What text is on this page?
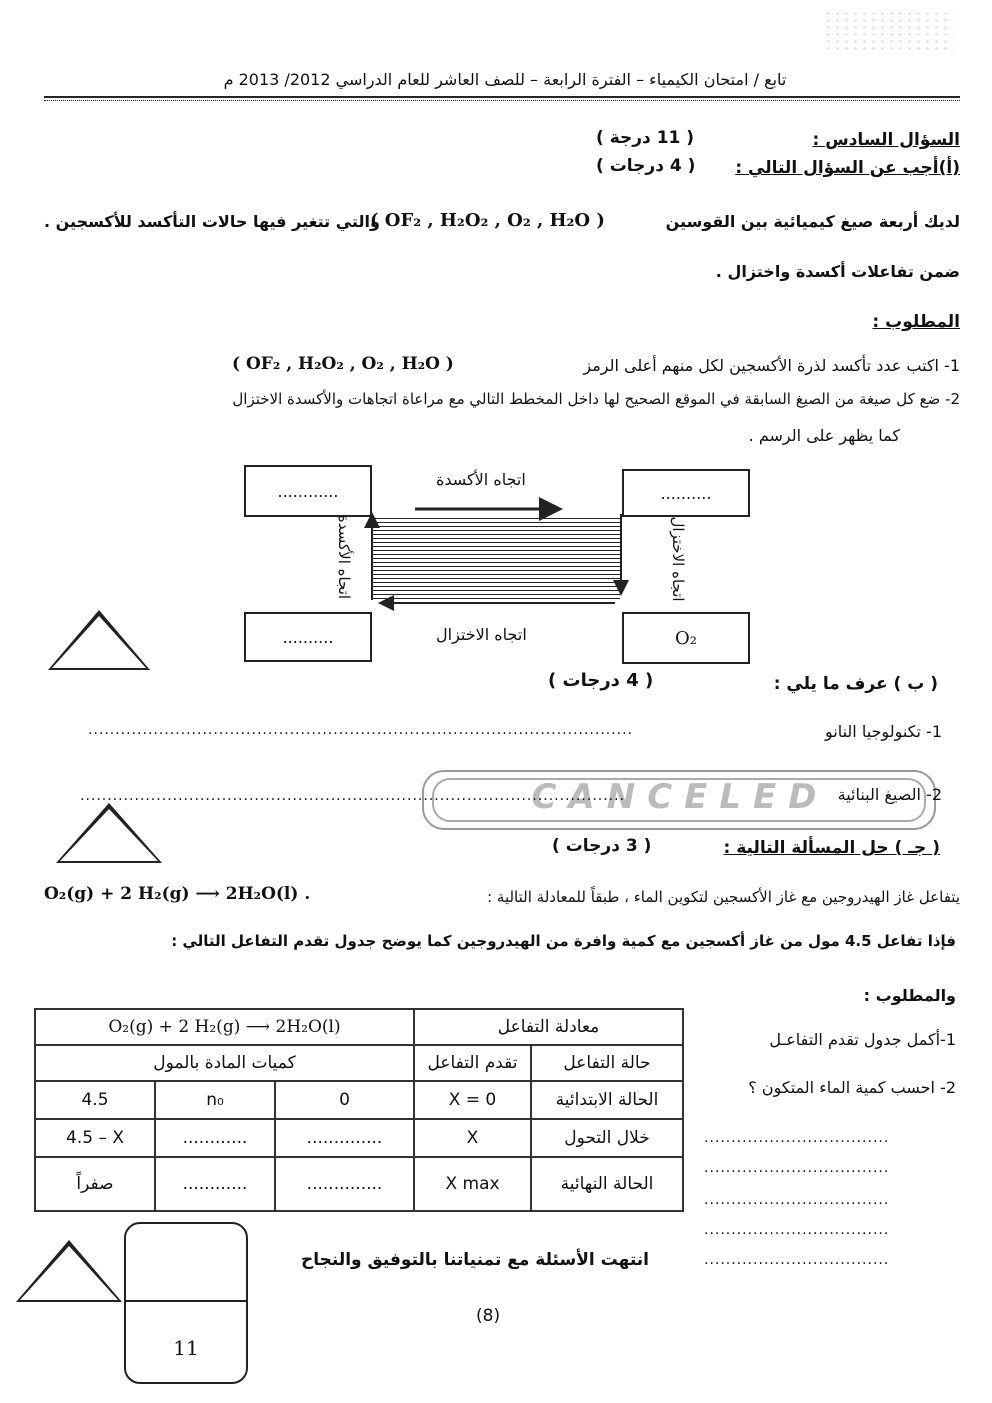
تابع / امتحان الكيمياء – الفترة الرابعة – للصف العاشر للعام الدراسي 2012/ 2013 م
السؤال السادس :
( 11 درجة )
(أ)أجب عن السؤال التالي :
( 4 درجات )
لديك أربعة صيغ كيميائية بين القوسين
( OF₂ , H₂O₂ , O₂ , H₂O )
والتي تتغير فيها حالات التأكسد للأكسجين .
ضمن تفاعلات أكسدة واختزال .
المطلوب :
1- اكتب عدد تأكسد لذرة الأكسجين لكل منهم أعلى الرمز
( OF₂ , H₂O₂ , O₂ , H₂O )
2- ضع كل صيغة من الصيغ السابقة في الموقع الصحيح لها داخل المخطط التالي مع مراعاة اتجاهات والأكسدة الاختزال
كما يظهر على الرسم .
............	..........
..........	O₂
اتجاه الأكسدة
اتجاه الاختزال
اتجاه الأكسدة	اتجاه الاختزال
( ب ) عرف ما يلي :
( 4 درجات )
1- تكنولوجيا النانو
....................................................................................................
CANCELED 2- الصيغ البنائية
....................................................................................................
( جـ ) حل المسألة التالية :
( 3 درجات )
يتفاعل غاز الهيدروجين مع غاز الأكسجين لتكوين الماء ، طبقاً للمعادلة التالية :
O₂(g) + 2 H₂(g) ⟶ 2H₂O(l) .
فإذا تفاعل 4.5 مول من غاز أكسجين مع كمية وافرة من الهيدروجين كما يوضح جدول تقدم التفاعل التالي :
والمطلوب :
1-أكمل جدول تقدم التفاعـل
2- احسب كمية الماء المتكون ؟
..................................
..................................
..................................
..................................
..................................
O₂(g) + 2 H₂(g) ⟶ 2H₂O(l)			معادلة التفاعل	
كميات المادة بالمول			تقدم التفاعل	حالة التفاعل
4.5	n₀	0	X = 0	الحالة الابتدائية
4.5 – X	............	..............	X	خلال التحول
صفراً	............	..............	X max	الحالة النهائية
11
انتهت الأسئلة مع تمنياتنا بالتوفيق والنجاح
(8)
